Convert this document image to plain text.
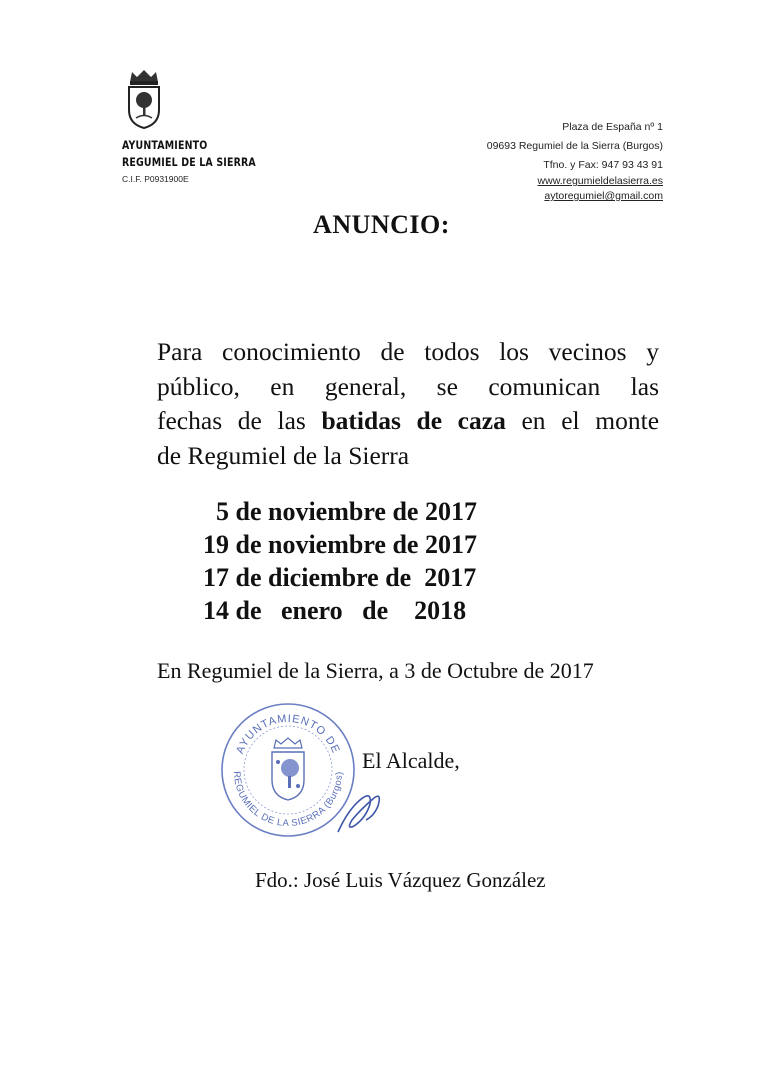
AYUNTAMIENTO
REGUMIEL DE LA SIERRA
C.I.F. P0931900E
Plaza de España nº 1
09693 Regumiel de la Sierra (Burgos)
Tfno. y Fax: 947 93 43 91
www.regumieldelasierra.es
aytoregumiel@gmail.com
ANUNCIO:
Para conocimiento de todos los vecinos y
público, en general, se comunican las
fechas de las batidas de caza en el monte
de Regumiel de la Sierra
5 de noviembre de 2017
19 de noviembre de 2017
17 de diciembre de  2017
14 de   enero   de    2018
En Regumiel de la Sierra, a 3 de Octubre de 2017
AYUNTAMIENTO DE
REGUMIEL DE LA SIERRA (Burgos)
El Alcalde,
Fdo.: José Luis Vázquez González
